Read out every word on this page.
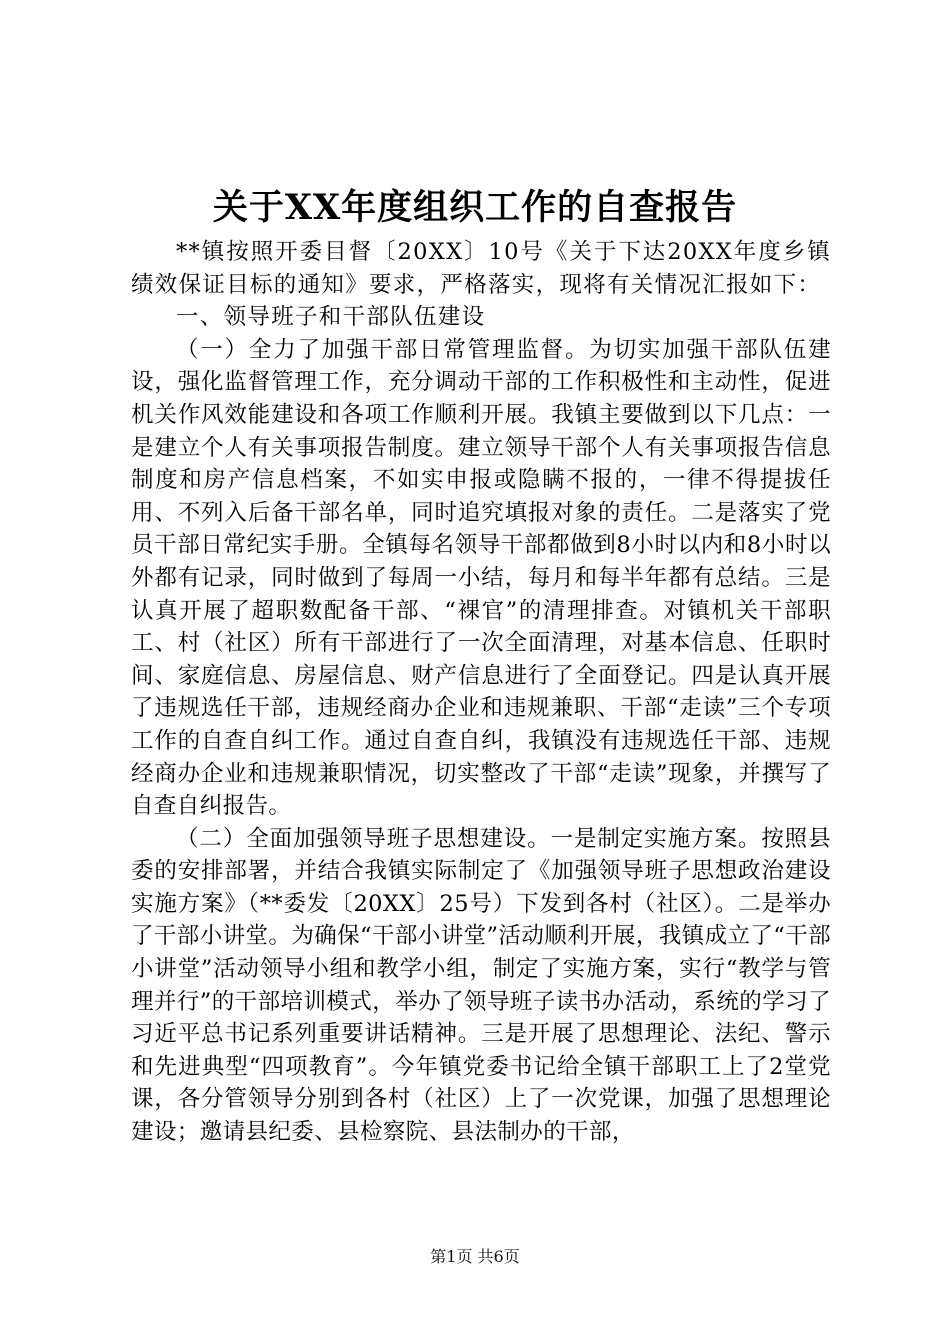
关于XX年度组织工作的自查报告

**镇按照开委目督〔20XX〕10号《关于下达20XX年度乡镇绩效保证目标的通知》要求，严格落实，现将有关情况汇报如下：

一、领导班子和干部队伍建设

（一）全力了加强干部日常管理监督。为切实加强干部队伍建设，强化监督管理工作，充分调动干部的工作积极性和主动性，促进机关作风效能建设和各项工作顺利开展。我镇主要做到以下几点：一是建立个人有关事项报告制度。建立领导干部个人有关事项报告信息制度和房产信息档案，不如实申报或隐瞒不报的，一律不得提拔任用、不列入后备干部名单，同时追究填报对象的责任。二是落实了党员干部日常纪实手册。全镇每名领导干部都做到8小时以内和8小时以外都有记录，同时做到了每周一小结，每月和每半年都有总结。三是认真开展了超职数配备干部、“裸官”的清理排查。对镇机关干部职工、村（社区）所有干部进行了一次全面清理，对基本信息、任职时间、家庭信息、房屋信息、财产信息进行了全面登记。四是认真开展了违规选任干部，违规经商办企业和违规兼职、干部“走读”三个专项工作的自查自纠工作。通过自查自纠，我镇没有违规选任干部、违规经商办企业和违规兼职情况，切实整改了干部“走读”现象，并撰写了自查自纠报告。

（二）全面加强领导班子思想建设。一是制定实施方案。按照县委的安排部署，并结合我镇实际制定了《加强领导班子思想政治建设实施方案》（**委发〔20XX〕25号）下发到各村（社区）。二是举办了干部小讲堂。为确保“干部小讲堂”活动顺利开展，我镇成立了“干部小讲堂”活动领导小组和教学小组，制定了实施方案，实行“教学与管理并行”的干部培训模式，举办了领导班子读书办活动，系统的学习了习近平总书记系列重要讲话精神。三是开展了思想理论、法纪、警示和先进典型“四项教育”。今年镇党委书记给全镇干部职工上了2堂党课，各分管领导分别到各村（社区）上了一次党课，加强了思想理论建设；邀请县纪委、县检察院、县法制办的干部，

第1页 共6页
